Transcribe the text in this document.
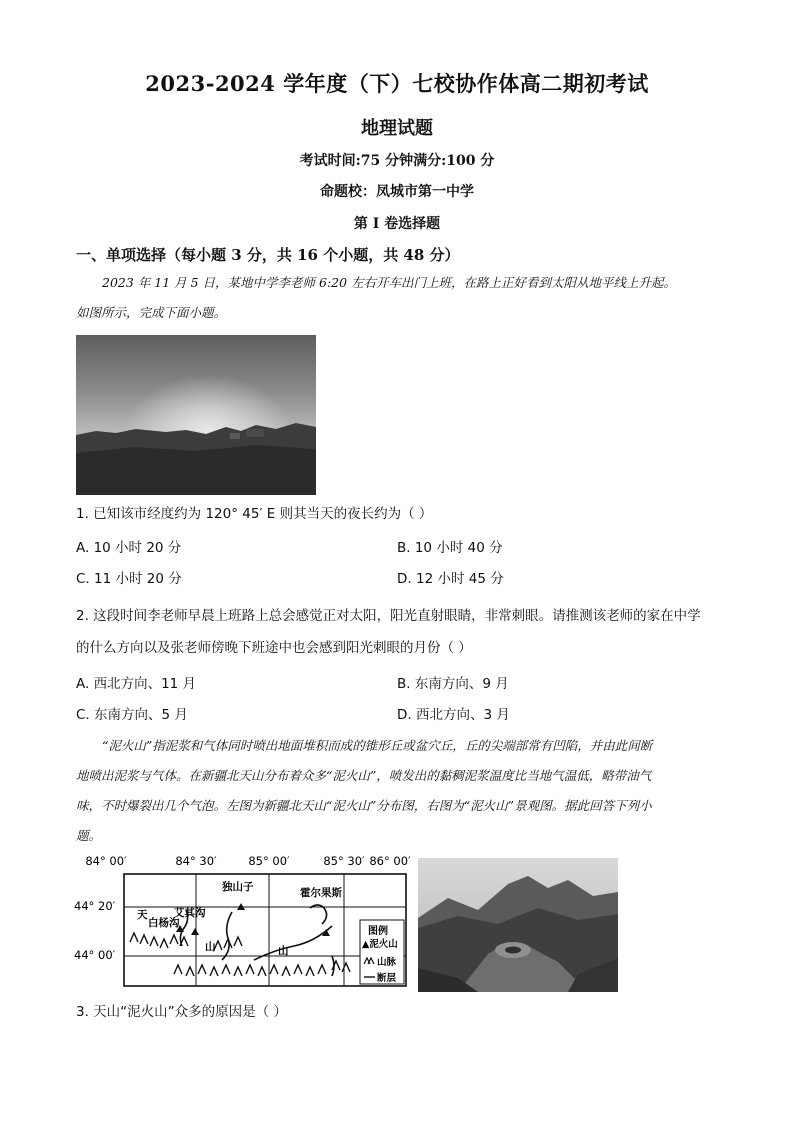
2023-2024 学年度（下）七校协作体高二期初考试
地理试题
考试时间:75 分钟满分:100 分
命题校：凤城市第一中学
第 I 卷选择题
一、单项选择（每小题 3 分，共 16 个小题，共 48 分）
2023 年 11 月 5 日，某地中学李老师 6:20 左右开车出门上班，在路上正好看到太阳从地平线上升起。
如图所示，完成下面小题。
1. 已知该市经度约为 120° 45′ E 则其当天的夜长约为（ ）
A. 10 小时 20 分	B. 10 小时 40 分
C. 11 小时 20 分	D. 12 小时 45 分
2. 这段时间李老师早晨上班路上总会感觉正对太阳，阳光直射眼睛，非常刺眼。请推测该老师的家在中学
的什么方向以及张老师傍晚下班途中也会感到阳光刺眼的月份（ ）
A. 西北方向、11 月	B. 东南方向、9 月
C. 东南方向、5 月	D. 西北方向、3 月
“泥火山”指泥浆和气体同时喷出地面堆积而成的锥形丘或盆穴丘，丘的尖端部常有凹陷，并由此间断
地喷出泥浆与气体。在新疆北天山分布着众多“泥火山”，喷发出的黏稠泥浆温度比当地气温低，略带油气
味，不时爆裂出几个气泡。左图为新疆北天山“泥火山”分布图，右图为“泥火山”景观图。据此回答下列小
题。
84° 00′	84° 30′	85° 00′	85° 30′ 86° 00′
44° 20′
44° 00′
图例
▲泥火山
山脉
断层
独山子	霍尔果斯
白杨沟
艾其沟
天
山	山
3. 天山“泥火山”众多的原因是（ ）
